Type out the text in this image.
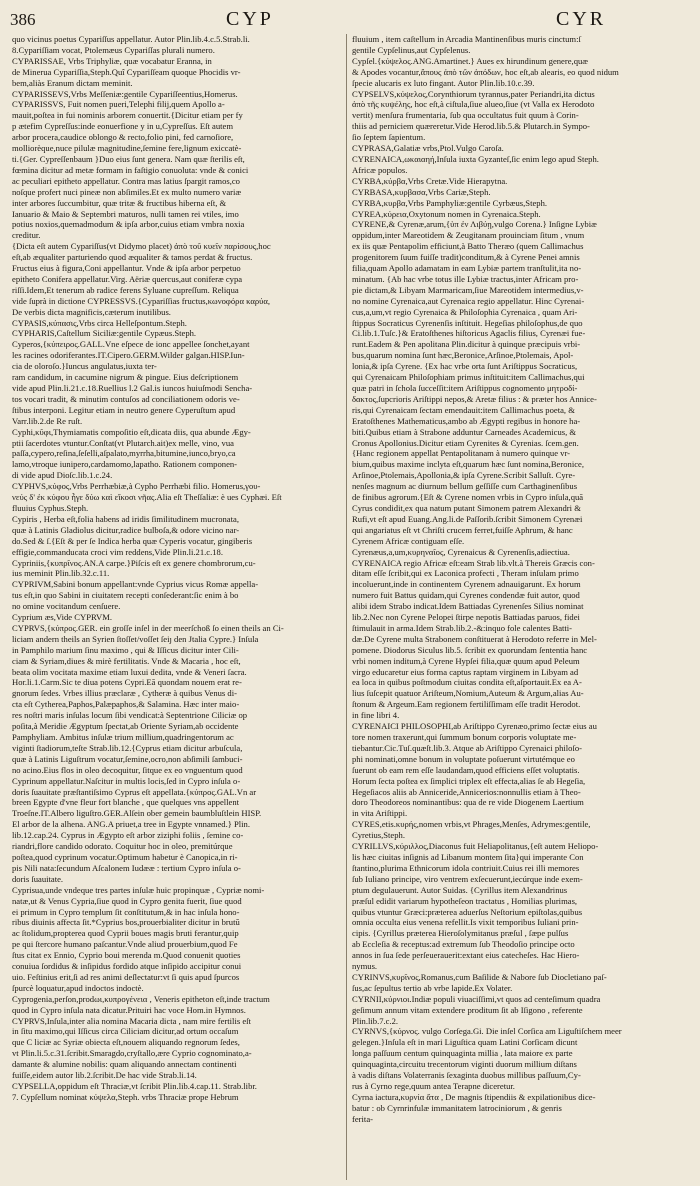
386	CYP	CYR
quo vicinus poetus Cypariſſus appellatur. Autor Plin.lib.4.c.5.Strab.li.
8.Cypariſſiam vocat, Ptolemæus Cypariſſas plurali numero.
CYPARISSAE, Vrbs Triphyliæ, quæ vocabatur Eranna, in
de Minerua Cypariſſia,Steph.Quî Cypariſſeam quoque Phocidis vr-
bem,aliàs Eranum dictam meminit.
CYPARISSEVS,Vrbs Meſſeniæ:gentile Cypariſſeentius,Homerus.
CYPARISSVS, Fuit nomen pueri,Telephi filij,quem Apollo a-
mauit,poſtea in fui nominis arborem conuertit.{Dicitur etiam per fy
p ætefim Cypreſſus:inde eonuerfione y in u,Cypreſſus. Eſt autem
arbor procera,caudice oblongo & recto,folio pini, fed carnoſiore,
molliorèque,nuce pilulæ magnitudine,ſemine fere,lignum exiccatè-
ti.{Ger. Cypreſſenbaum }Duo eius ſunt genera. Nam quæ ſterilis eſt,
fœmina dicitur ad metæ formam in faſtigio conuoluta: vnde & conici
ac peculiari epitheto appellatur. Contra mas latius ſpargit ramos,co
noſque profert nuci pineæ non abſimiles.Et ex multo numero variæ
inter arbores ſuccumbitur, quæ tritæ & fructibus hiberna eſt, &
Ianuario & Maio & Septembri maturos, nulli tamen rei vtiles, imo
potius noxios,quemadmodum & ipſa arbor,cuius etiam vmbra noxia
creditur.
{Dicta eſt autem Cypariſſus(vt Didymo placet) ἀπὸ τοῦ κυεῖν παρίσους,hoc
eſt,ab æqualiter parturiendo quod æqualiter & tamos perdat & fructus.
Fructus eius à figura,Coni appellantur. Vnde & ipſa arbor perpetuo
epitheto Conifera appellatur.Virg. Aëriæ quercus,aut coniferæ cypa
riſſi.Idem,Et tenerum ab radice ferens Syluane cupreſſum. Reliqua
vide ſuprà in dictione CYPRESSVS.{Cypariſſias fructus,κωνοφόρα καρύα,
De verbis dicta magnificis,cæterum inutilibus.
CYPASIS,κύπασις,Vrbs circa Helleſpontum.Steph.
CYPHARIS,Caſtellum Siciliæ:gentile Cypæus.Steph.
Cyperos,{κύπειρος.GALL.Vne eſpece de ionc appellee ſonchet,ayant
les racines odoriferantes.IT.Cipero.GERM.Wilder galgan.HISP.Iun-
cia de oloroſo.}Iuncus angulatus,iuxta ter-
ram candidum, in cacumine nigrum & pingue. Eius deſcriptionem
vide apud Plin.li.21.c.18.Ruellius l.2 Gal.is iuncos huiuſmodi Sencha-
tos vocari tradit, & minutim contuſos ad conciliationem odoris ve-
ſtibus interponi. Legitur etiam in neutro genere Cyperuſtum apud
Varr.lib.2.de Re ruſt.
Cyphi,κῦφι,Thymiamatis compoſitio eſt,dicata diis, qua abunde Ægy-
ptii ſacerdotes vtuntur.Conſtat(vt Plutarch.ait)ex melle, vino, vua
paſſa,cypero,reſina,ſeſelli,aſpalato,myrrha,bitumine,iunco,bryo,ca
lamo,vtroque iunipero,cardamomo,lapatho. Rationem componen-
di vide apud Dioſc.lib.1.c.24.
CYPHVS,κύφος,Vrbs Perrhæbiæ,à Cypho Perrhæbi filio. Homerus,γου-
νεύς δ' ἐκ κύφου ἦγε δύω καὶ εἴκοσι νῆας.Alia eſt Theſſaliæ: è ues Cyphæi. Eſt
fluuius Cyphus.Steph.
Cypiris , Herba eſt,folia habens ad iridis ſimilitudinem mucronata,
quæ à Latinis Gladiolus dicitur,radice bulboſa,& odore vicino nar-
do.Sed & ſ.{Eſt & per ſe Indica herba quæ Cyperis vocatur, gingiberis
effigie,commanducata croci vim reddens,Vide Plin.li.21.c.18.
Cypriniis,{κυπρῖνος.AN.A carpe.}Piſcis eſt ex genere chombrorum,cu-
ius meminit Plin.lib.32.c.11.
CYPRIVM,Sabini bonum appellant:vnde Cyprius vicus Romæ appella-
tus eſt,in quo Sabini in ciuitatem recepti conſederant:ſic enim à bo
no omine vocitandum cenſuere.
Cyprium æs,Vide CYPRVM.
CYPRVS,{κύπρος.GER. ein groſſe inſel in der meerſchoß ſo einen theils an Ci-
liciam andern theils an Syrien ſtoſſet/voſſet ſeiȷ den Jtalia Cypre.} Inſula
in Pamphilo marium ſinu maximo , qui & Iſſicus dicitur inter Cili-
ciam & Syriam,diues & mirè fertilitatis. Vnde & Macaria , hoc eſt,
beata olim vocitata maxime etiam luxui dedita, vnde & Veneri ſacra.
Hor.li.1.Carm.Sic te diua potens Cypri.Eā quondam nouem erat re-
gnorum ſedes. Vrbes illius præclaræ , Cytheræ à quibus Venus di-
cta eſt Cytherea,Paphos,Palæpaphos,& Salamina. Hæc inter maio-
res noſtri maris inſulas locum ſibi vendicat:à Septentrione Ciliciæ op
poſita,à Meridie Ægyptum ſpectat,ab Oriente Syriam,ab occidente
Pamphyliam. Ambitus inſulæ trium millium,quadringentorum ac
viginti ſtadiorum,teſte Strab.lib.12.{Cyprus etiam dicitur arbuſcula,
quæ à Latinis Liguſtrum vocatur,ſemine,ocro,non abſimili ſambuci-
no acino.Eius flos in oleo decoquitur, ſitque ex eo vnguentum quod
Cyprinum appellatur.Naſcitur in multis locis,ſed in Cypro inſula o-
doris ſuauitate præſtantiſsimo Cyprus eſt appellata.{κύπρος.GAL.Vn ar
breen Egypte d'vne fleur fort blanche , que quelques vns appellent
Troeſne.IT.Albero liguſtro.GER.Alſein ober gemein baumbluſtlein HISP.
El arbor de la alhena. ANG.A priuet,a tree in Egypte vnnamed.} Plin.
lib.12.cap.24. Cyprus in Ægypto eſt arbor ziziphi foliis , ſemine co-
riandri,flore candido odorato. Coquitur hoc in oleo, premitúrque
poſtea,quod cyprinum vocatur.Optimum habetur è Canopica,in ri-
pis Nili nata:ſecundum Aſcalonem Iudææ : tertium Cypro inſula o-
doris ſuauitate.
Cyprisua,unde vndeque tres partes inſulæ huic propinquæ , Cypriæ nomi-
natæ,ut & Venus Cypria,ſiue quod in Cypro genita fuerit, ſiue quod
ei primum in Cypro templum ſit conſtitutum,& in hac inſula hono-
ribus diuinis affecta ſit.*Cyprius bos,prouerbialiter dicitur in brutū
ac ſtolidum,propterea quod Cyprii boues magis bruti ferantur,quip
pe qui ſtercore humano paſcantur.Vnde aliud prouerbium,quod Fe
ſtus citat ex Ennio, Cyprio boui merenda m.Quod conuenit quoties
conuiua ſordidus & inſipidus fordido atque inſipido accipitur conui
uio. Feſtinius erit,ſi ad res animi deſlectatur:vt ſi quis apud ſpurcos
ſpurcè loquatur,apud indoctos indoctè.
Cyprogenia,perſon,prodωι,κυπρογένεια , Veneris epitheton eſt,inde tractum
quod in Cypro inſula nata dicatur.Prituiri hac voce Hom.in Hymnos.
CYPRVS,Inſula,inter alia nomina Macaria dicta , nam mire fertilis eſt
in ſitu maximo,qui Iſſicus circa Ciliciam dicitur,ad ortum occaſum
que C liciæ ac Syriæ obiecta eſt,nouem aliquando regnorum ſedes,
vt Plin.li.5.c.31.ſcribit.Smaragdo,cryſtallo,ære Cyprio cognominato,a-
damante & alumine nobilis: quam aliquando annectam continenti
fuiſſe,eidem autor lib.2.ſcribit.De hac vide Strab.li.14.
CYPSELLA,oppidum eſt Thraciæ,vt ſcribit Plin.lib.4.cap.11. Strab.libr.
7. Cypſellum nominat κύψελα,Steph. vrbs Thraciæ prope Hebrum
fluuium , item caſtellum in Arcadia Mantinenſibus muris cinctum:ſ
gentile Cypſelinus,aut Cypſelenus.
Cypſel.{κύψελος.ANG.Amartinet.} Aues ex hirundinum genere,quæ
& Apodes vocantur,ἄπους ἀπὸ τῶν ἀπόδων, hoc eſt,ab alearis, eo quod nidum
ſpecie alucaris ex luto fingant. Autor Plin.lib.10.c.39.
CYPSELVS,κύψελος,Corynthiorum tyrannus,pater Periandri,ita dictus
ἀπὸ τῆς κυψέλης, hoc eſt,à ciſtula,ſiue alueo,ſiue (vt Valla ex Herodoto
vertit) menſura frumentaria, ſub qua occultatus fuit quum à Corin-
thiis ad perniciem quæreretur.Vide Herod.lib.5.& Plutarch.in Sympo-
ſio ſeptem ſapientum.
CYPRASA,Galatiæ vrbs,Ptol.Vulgo Caroſa.
CYRENAICA,ωκαιαηή,Inſula iuxta Gyzanteſ,ſic enim lego apud Steph.
Africæ populos.
CYRBA,κύρβα,Vrbs Cretæ.Vide Hierapytna.
CYRBASA,κυρβασα,Vrbs Cariæ,Steph.
CYRBA,κυρβα,Vrbs Pamphyliæ:gentile Cyrbæus,Steph.
CYREA,κύρεια,Oxytonum nomen in Cyrenaica.Steph.
CYRENE,& Cyrenæ,arum,{ὑπ ἐν Λιβύῃ,vulgo Corena.} Inſigne Lybiæ
oppidum,inter Mareotidem & Zeugitanam prouinciam ſitum , vnum
ex iis quæ Pentapolim efficiunt,à Batto Theræo (quem Callimachus
progenitorem ſuum fuiſſe tradit)conditum,& à Cyrene Penei amnis
filia,quam Apollo adamatam in eam Lybiæ partem tranſtulit,ita no-
minatum. {Ab hac vrbe totus ille Lybiæ tractus,inter Africam pro-
pie dictam,& Libyam Marmaricam,ſiue Mareotidem intermedius,v-
no nomine Cyrenaica,aut Cyrenaica regio appellatur. Hinc Cyrenai-
cus,a,um,vt regio Cyrenaica & Philoſophia Cyrenaica , quam Ari-
ſtippus Socraticus Cyrenenſis inſtituit. Hegeſias philoſophus,de quo
Ci.lib.1.Tuſc.}& Eratoſthenes hiſtoricus Agaclis filius, Cyrenæi fue-
runt.Eadem & Pen apolitana Plin.dicitur à quinque præcipuis vrbi-
bus,quarum nomina ſunt hæc,Beronice,Arſinoe,Ptolemais, Apol-
lonia,& ipſa Cyrene. {Ex hac vrbe orta ſunt Ariſtippus Socraticus,
qui Cyrenaicam Philoſophiam primus inſtituit:item Callimachus,qui
quæ patri in ſchola ſucceſſit:item Ariſtippus cognomento μητροδί-
δακτος,ſupcrioris Ariſtippi nepos,& Aretæ filius : & præter hos Annice-
ris,qui Cyrenaicam ſectam emendauit:item Callimachus poeta, &
Eratoſthenes Mathematicus,ambo ab Ægypti regibus in honore ha-
biti.Quibus etiam à Strabone adduntur Carneades Academicus, &
Cronus Apollonius.Dicitur etiam Cyrenites & Cyrenias. ſcem.gen.
{Hanc regionem appellat Pentapolitanam à numero quinque vr-
bium,quibus maxime inclyta eſt,quarum hæc ſunt nomina,Beronice,
Arſinoe,Ptolemais,Apollonia,& ipſa Cyrene.Scribit Salluſt. Cyre-
nenſes magnum ac diurnum bellum geſſiſſe cum Carthaginenſibus
de finibus agrorum.{Eſt & Cyrene nomen vrbis in Cypro inſula,quā
Cyrus condidit,ex qua natum putant Simonem patrem Alexandri &
Rufi,vt eſt apud Euang.Ang.li.de Paſſorib.ſcribit Simonem Cyrenæi
qui angariatus eſt vt Chriſti crucem ferret,fuiſſe Aphrum, & hanc
Cyrenem Africæ contiguam eſſe.
Cyrenæus,a,um,κυρηναῖος, Cyrenaicus & Cyrenenſis,adiectiua.
CYRENAICA regio Africæ eſt:eam Strab lib.vlt.à Thereis Græcis con-
ditam eſſe ſcribit,qui ex Laconica profecti , Theram inſulam primo
incoluerunt,inde in continentem Cyrenem adnauigarunt. Ex horum
numero fuit Battus quidam,qui Cyrenes condendæ fuit autor, quod
alibi idem Strabo indicat.Idem Battiadas Cyrenenſes Silius nominat
lib.2.Nec non Cyrene Pelopei ſtirpe nepotis Battiadas paruos, fidei
ſtimulauit in arma.Idem Strab.lib.2.-&:inquo fole calentes Batti-
dæ.De Cyrene multa Strabonem conſtituerat à Herodoto referre in Mel-
pomene. Diodorus Siculus lib.5. ſcribit ex quorundam ſententia hanc
vrbi nomen inditum,à Cyrene Hypſei filia,quæ quum apud Peleum
virgo educaretur eius forma captus raptam virginem in Libyam ad
ea loca in quibus poſtmodum ciuitas condita eſt,aſportauit.Ex ea A-
lius ſuſcepit quatuor Ariſteum,Nomium,Auteum & Argum,alias Au-
ſtonum & Argeum.Eam regionem fertiliſſimam eſſe tradit Herodot.
in fine libri 4.
CYRENAICI PHILOSOPHI,ab Ariſtippo Cyrenæo,primo ſectæ eius au
tore nomen traxerunt,qui ſummum bonum corporis voluptate me-
tiebantur.Cic.Tuſ.quæſt.lib.3. Atque ab Ariſtippo Cyrenaici philoſo-
phi nominati,omne bonum in voluptate poſuerunt virtutémque eo
ſuerunt ob eam rem eſſe laudandam,quod efficiens eſſet voluptatis.
Horum ſecta poſtea ex ſimplici triplex eſt effecta,alias ſe ab Hegeſia,
Hegeſiacos aliis ab Anniceride,Annicerios:nonnullis etiam à Theo-
doro Theodoreos nominantibus: qua de re vide Diogenem Laertium
in vita Ariſtippi.
CYRES,etis.κυρής,nomen vrbis,vt Phrages,Menſes, Adrymes:gentile,
Cyretius,Steph.
CYRILLVS,κύριλλος,Diaconus fuit Heliapolitanus,{eſt autem Heliopo-
lis hæc ciuitas inſignis ad Libanum montem ſita}qui imperante Con
ſtantino,plurima Ethnicorum idola contriuit.Cuius rei illi memores
ſub Iuliano principe, viro ventrem exſecuerunt,iecúrque inde exem-
ptum degulauerunt. Autor Suidas. {Cyrillus item Alexandrinus
præſul edidit variarum hypotheſeon tractatus , Homilias plurimas,
quibus vtuntur Græci:præterea aduerſus Neſtorium epiſtolas,quibus
omnia occulta eius venena refellit.Is vixit temporibus Iuliani prin-
cipis. {Cyrillus præterea Hieroſolymitanus præſul , ſæpe pulſus
ab Eccleſia & receptus:ad extremum ſub Theodoſio principe octo
annos in ſua ſede perſeuerauerit:extant eius catecheſes. Hac Hiero-
nymus.
CYRINVS,κυρῖνος,Romanus,cum Baſilide & Nabore ſub Diocletiano paſ-
ſus,ac ſepultus tertio ab vrbe lapide.Ex Volater.
CYRNII,κύρνιοι.Indiæ populi viuaciſſimi,vt quos ad centeſimum quadra
geſimum annum vitam extendere proditum ſit ab Iſigono , referente
Plin.lib.7.c.2.
CYRNVS,{κύρνος. vulgo Corſega.Gi. Die inſel Corſica am Liguſtiſchem meer
gelegen.}Inſula eſt in mari Liguſtica quam Latini Corſicam dicunt
longa paſſuum centum quinquaginta millia , lata maiore ex parte
quinquaginta,circuitu trecentorum viginti duorum millium diſtans
à vadis diſtans Volaterranis ſexaginta duobus millibus paſſuum,Cy-
rus à Cyrno rege,quum antea Terapne diceretur.
Cyrna iactura,κυρνία ἄτα , De magnis ſtipendiis & expilationibus dice-
batur : ob Cyrnrinfulæ immanitatem latrociniorum , & genris
ferita-
